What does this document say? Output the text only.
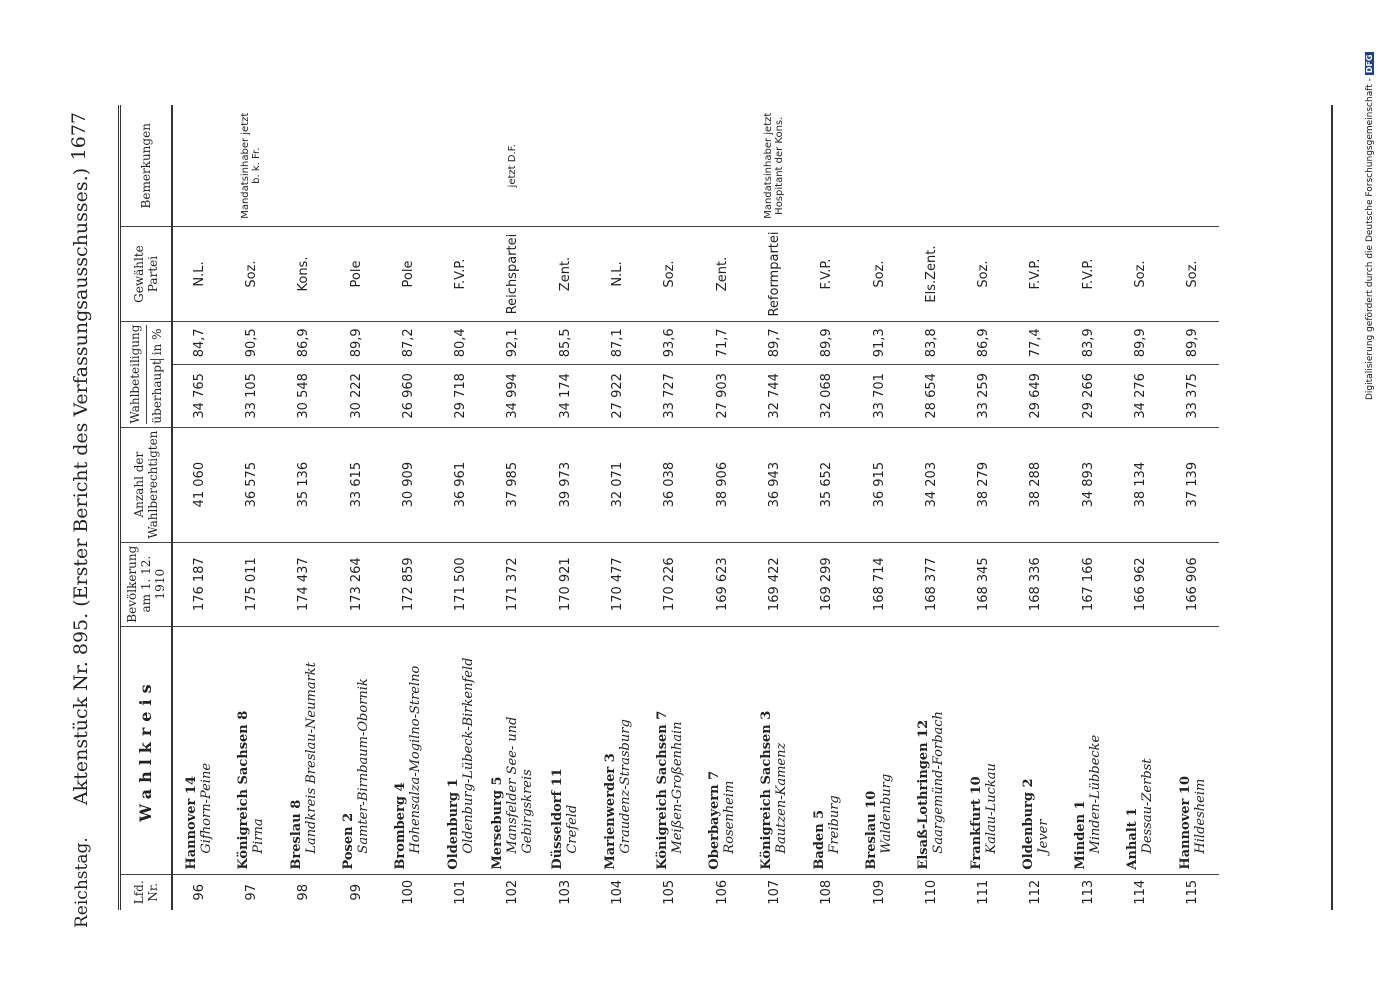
Reichstag.
Aktenstück Nr. 895. (Erster Bericht des Verfassungsausschusses.)
1677
Lfd. Nr.	Wahlkreis	Bevölkerung am 1. 12. 1910	Anzahl der Wahlberechtigten	Wahlbeteiligung überhaupt
in %		Gewählte Partei	Bemerkungen
96	Hannover 14 Gifhorn-Peine	176 187	41 060	34 765	84,7	N.L.	
97	Königreich Sachsen 8 Pirna	175 011	36 575	33 105	90,5	Soz.	Mandatsinhaber jetzt b. k. Fr.
98	Breslau 8 Landkreis Breslau-Neumarkt	174 437	35 136	30 548	86,9	Kons.	
99	Posen 2 Samter-Birnbaum-Obornik	173 264	33 615	30 222	89,9	Pole	
100	Bromberg 4 Hohensalza-Mogilno-Strelno	172 859	30 909	26 960	87,2	Pole	
101	Oldenburg 1 Oldenburg-Lübeck-Birkenfeld	171 500	36 961	29 718	80,4	F.V.P.	
102	Merseburg 5 Mansfelder See- und Gebirgskreis	171 372	37 985	34 994	92,1	Reichspartei	jetzt D.F.
103	Düsseldorf 11 Crefeld	170 921	39 973	34 174	85,5	Zent.	
104	Marienwerder 3 Graudenz-Strasburg	170 477	32 071	27 922	87,1	N.L.	
105	Königreich Sachsen 7 Meißen-Großenhain	170 226	36 038	33 727	93,6	Soz.	
106	Oberbayern 7 Rosenheim	169 623	38 906	27 903	71,7	Zent.	
107	Königreich Sachsen 3 Bautzen-Kamenz	169 422	36 943	32 744	89,7	Reformpartei	Mandatsinhaber jetzt Hospitant der Kons.
108	Baden 5 Freiburg	169 299	35 652	32 068	89,9	F.V.P.	
109	Breslau 10 Waldenburg	168 714	36 915	33 701	91,3	Soz.	
110	Elsaß-Lothringen 12 Saargemünd-Forbach	168 377	34 203	28 654	83,8	Els.Zent.	
111	Frankfurt 10 Kalau-Luckau	168 345	38 279	33 259	86,9	Soz.	
112	Oldenburg 2 Jever	168 336	38 288	29 649	77,4	F.V.P.	
113	Minden 1 Minden-Lübbecke	167 166	34 893	29 266	83,9	F.V.P.	
114	Anhalt 1 Dessau-Zerbst	166 962	38 134	34 276	89,9	Soz.	
115	Hannover 10 Hildesheim	166 906	37 139	33 375	89,9	Soz.		Digitalisierung gefördert durch die Deutsche Forschungsgemeinschaft -DFG
